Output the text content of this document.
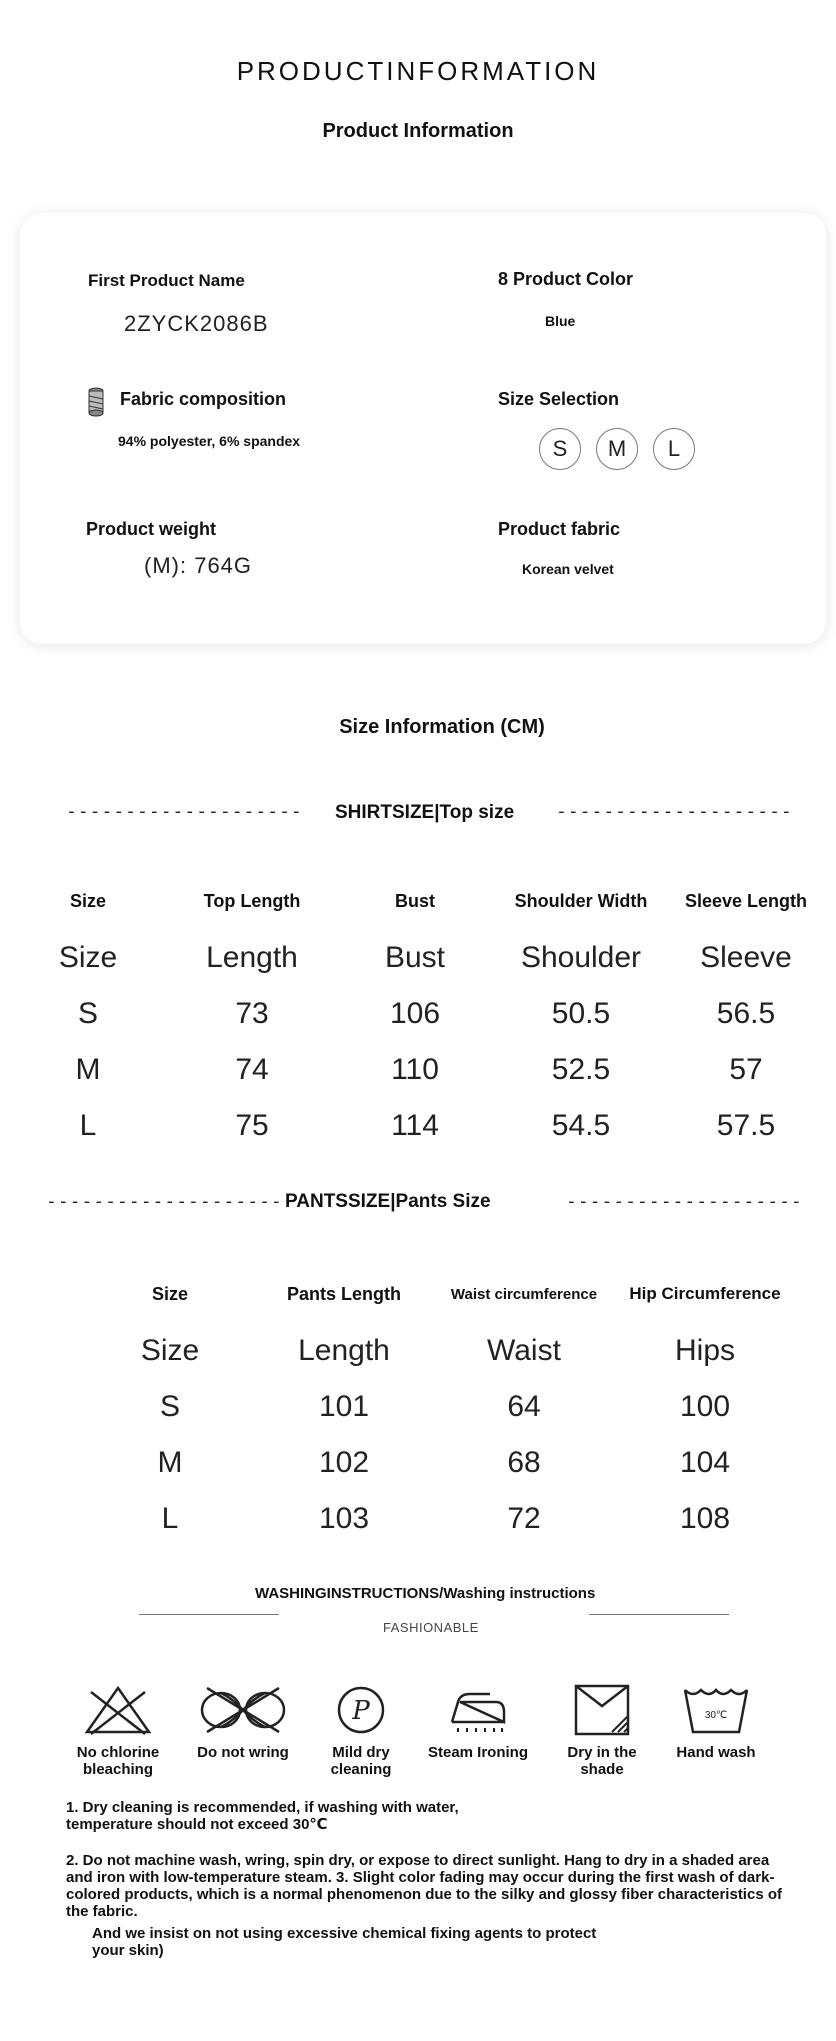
PRODUCTINFORMATION
Product Information
First Product Name
2ZYCK2086B
8 Product Color
Blue
Fabric composition
94% polyester, 6% spandex
Size Selection
S	M	L
Product weight
(M): 764G
Product fabric
Korean velvet
Size Information (CM)
-------------------- SHIRTSIZE|Top size --------------------
Size	Top Length	Bust	Shoulder Width	Sleeve Length
Size	Length	Bust	Shoulder	Sleeve
S	73	106	50.5	56.5
M	74	110	52.5	57
L	75	114	54.5	57.5
-------------------- PANTSSIZE|Pants Size	--------------------
Size	Pants Length	Waist circumference	Hip Circumference
Size	Length	Waist	Hips
S	101	64	100
M	102	68	104
L	103	72	108
WASHINGINSTRUCTIONS/Washing instructions
FASHIONABLE
No chlorine bleaching
Do not wring
P
Mild dry cleaning
Steam Ironing	Dry in the shade
30℃
Hand wash
1. Dry cleaning is recommended, if washing with water, temperature should not exceed 30℃
2. Do not machine wash, wring, spin dry, or expose to direct sunlight. Hang to dry in a shaded area and iron with low-temperature steam. 3. Slight color fading may occur during the first wash of dark-colored products, which is a normal phenomenon due to the silky and glossy fiber characteristics of the fabric.
And we insist on not using excessive chemical fixing agents to protect your skin)
